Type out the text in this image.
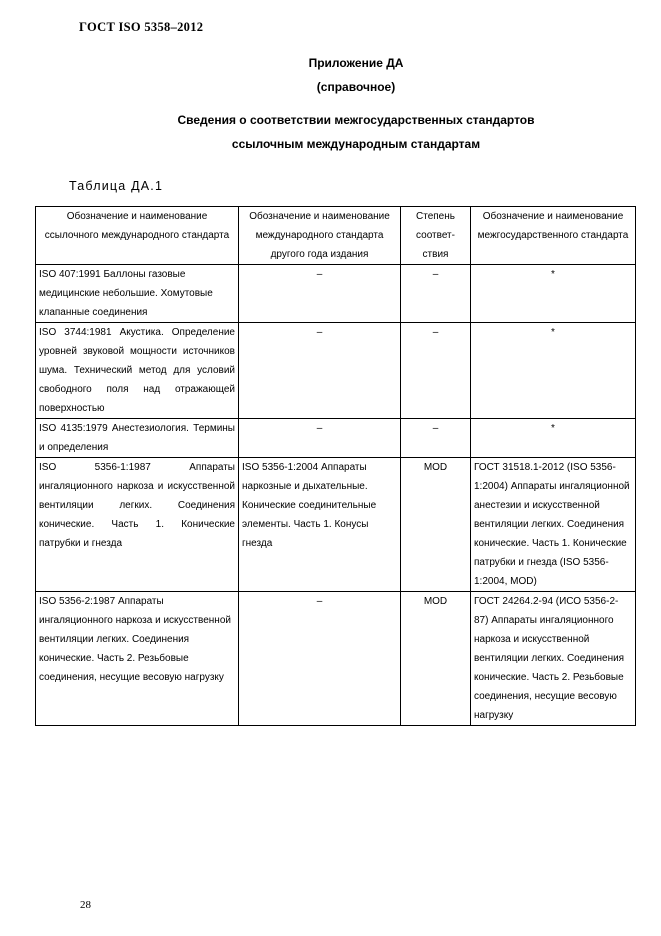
ГОСТ ISO 5358–2012
Приложение ДА
(справочное)
Сведения о соответствии межгосударственных стандартов
ссылочным международным стандартам
Таблица ДА.1
Обозначение и наименование ссылочного международного стандарта	Обозначение и наименование международного стандарта другого года издания	Степень соответ- ствия	Обозначение и наименование межгосударственного стандарта
ISO 407:1991 Баллоны газовые медицинские небольшие. Хомутовые клапанные соединения	–	–	*
ISO 3744:1981 Акустика. Определение уровней звуковой мощности источников шума. Технический метод для условий свободного поля над отражающей поверхностью	–	–	*
ISO 4135:1979 Анестезиология. Термины и определения	–	–	*
ISO 5356-1:1987 Аппараты ингаляционного наркоза и искусственной вентиляции легких. Соединения конические. Часть 1. Конические патрубки и гнезда	ISO 5356-1:2004 Аппараты наркозные и дыхательные. Конические соединительные элементы. Часть 1. Конусы гнезда	MOD	ГОСТ 31518.1-2012 (ISO 5356-1:2004) Аппараты ингаляционной анестезии и искусственной вентиляции легких. Соединения конические. Часть 1. Конические патрубки и гнезда (ISO 5356-1:2004, MOD)
ISO 5356-2:1987 Аппараты ингаляционного наркоза и искусственной вентиляции легких. Соединения конические. Часть 2. Резьбовые соединения, несущие весовую нагрузку	–	MOD	ГОСТ 24264.2-94 (ИСО 5356-2-87) Аппараты ингаляционного наркоза и искусственной вентиляции легких. Соединения конические. Часть 2. Резьбовые соединения, несущие весовую нагрузку
28
